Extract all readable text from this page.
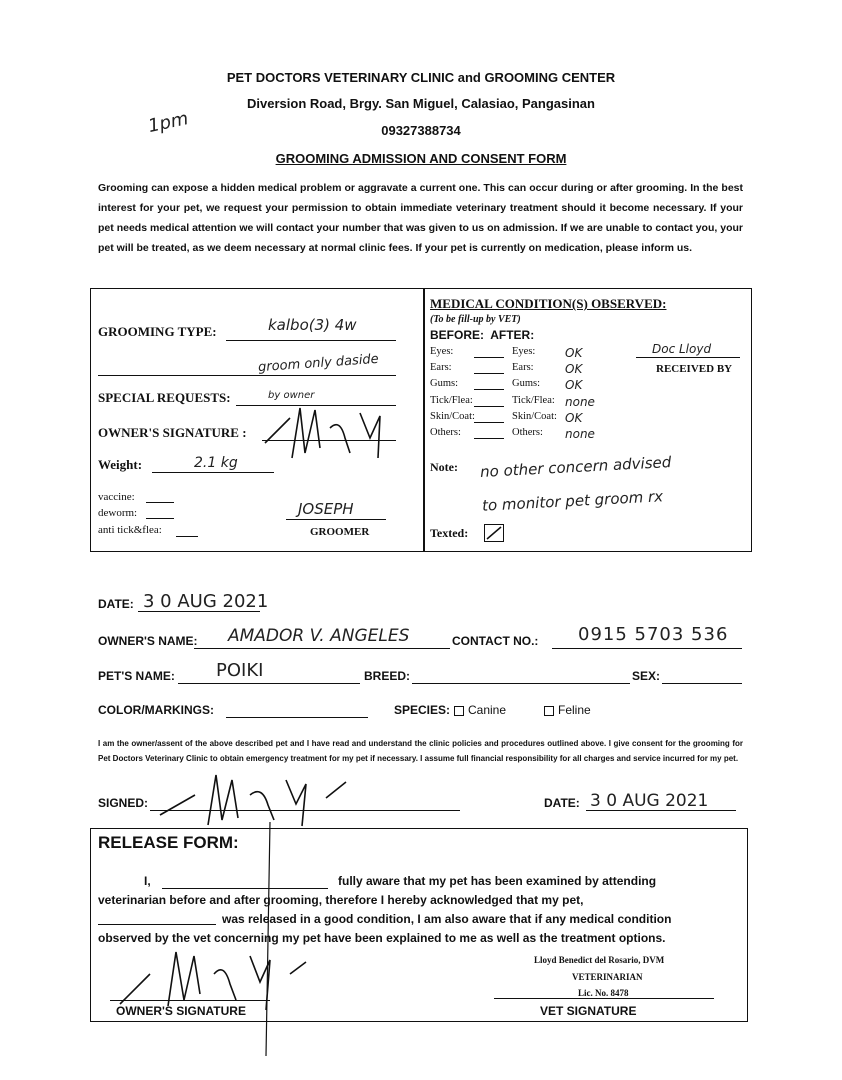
PET DOCTORS VETERINARY CLINIC and GROOMING CENTER
Diversion Road, Brgy. San Miguel, Calasiao, Pangasinan
09327388734
GROOMING ADMISSION AND CONSENT FORM
1pm
Grooming can expose a hidden medical problem or aggravate a current one. This can occur during or after grooming. In the best interest for your pet, we request your permission to obtain immediate veterinary treatment should it become necessary. If your pet needs medical attention we will contact your number that was given to us on admission. If we are unable to contact you, your pet will be treated, as we deem necessary at normal clinic fees. If your pet is currently on medication, please inform us.
GROOMING TYPE:	kalbo(3) 4w
groom only daside
SPECIAL REQUESTS:	by owner
OWNER'S SIGNATURE :
Weight:	2.1 kg
vaccine:
deworm:
anti tick&flea:
JOSEPH
GROOMER
MEDICAL CONDITION(S) OBSERVED:
(To be fill-up by VET)
BEFORE:  AFTER:
Eyes:	Eyes: OK
Ears:	Ears:	OK
Gums:	Gums: OK
Tick/Flea:	Tick/Flea: none
Skin/Coat:	Skin/Coat: OK
Others:	Others: none
Doc Lloyd
RECEIVED BY
Note: no other concern advised
to monitor pet groom rx
Texted:
DATE: 3 0 AUG 2021
OWNER'S NAME: AMADOR V. ANGELES	CONTACT NO.: 0915 5703 536
PET'S NAME: POIKI	BREED:	SEX:
COLOR/MARKINGS:	SPECIES:	Canine	Feline
I am the owner/assent of the above described pet and I have read and understand the clinic policies and procedures outlined above. I give consent for the grooming for Pet Doctors Veterinary Clinic to obtain emergency treatment for my pet if necessary. I assume full financial responsibility for all charges and service incurred for my pet.
SIGNED:	DATE: 3 0 AUG 2021
RELEASE FORM:
I,	fully aware that my pet has been examined by attending
veterinarian before and after grooming, therefore I hereby acknowledged that my pet,
was released in a good condition, I am also aware that if any medical condition
observed by the vet concerning my pet have been explained to me as well as the treatment options.
OWNER'S SIGNATURE
Lloyd Benedict del Rosario, DVM
VETERINARIAN
Lic. No. 8478
VET SIGNATURE
